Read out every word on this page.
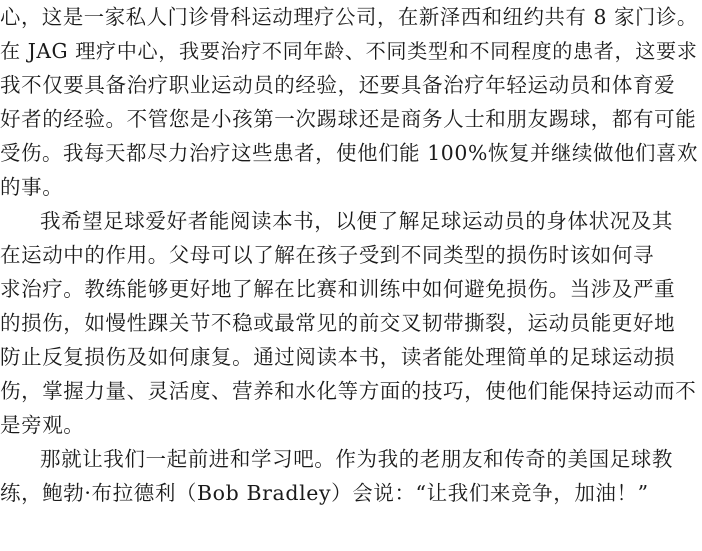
心，这是一家私人门诊骨科运动理疗公司，在新泽西和纽约共有 8 家门诊。
在 JAG 理疗中心，我要治疗不同年龄、不同类型和不同程度的患者，这要求
我不仅要具备治疗职业运动员的经验，还要具备治疗年轻运动员和体育爱
好者的经验。不管您是小孩第一次踢球还是商务人士和朋友踢球，都有可能
受伤。我每天都尽力治疗这些患者，使他们能 100%恢复并继续做他们喜欢
的事。
我希望足球爱好者能阅读本书，以便了解足球运动员的身体状况及其
在运动中的作用。父母可以了解在孩子受到不同类型的损伤时该如何寻
求治疗。教练能够更好地了解在比赛和训练中如何避免损伤。当涉及严重
的损伤，如慢性踝关节不稳或最常见的前交叉韧带撕裂，运动员能更好地
防止反复损伤及如何康复。通过阅读本书，读者能处理简单的足球运动损
伤，掌握力量、灵活度、营养和水化等方面的技巧，使他们能保持运动而不
是旁观。
那就让我们一起前进和学习吧。作为我的老朋友和传奇的美国足球教
练，鲍勃·布拉德利（Bob Bradley）会说：“让我们来竞争，加油！”
